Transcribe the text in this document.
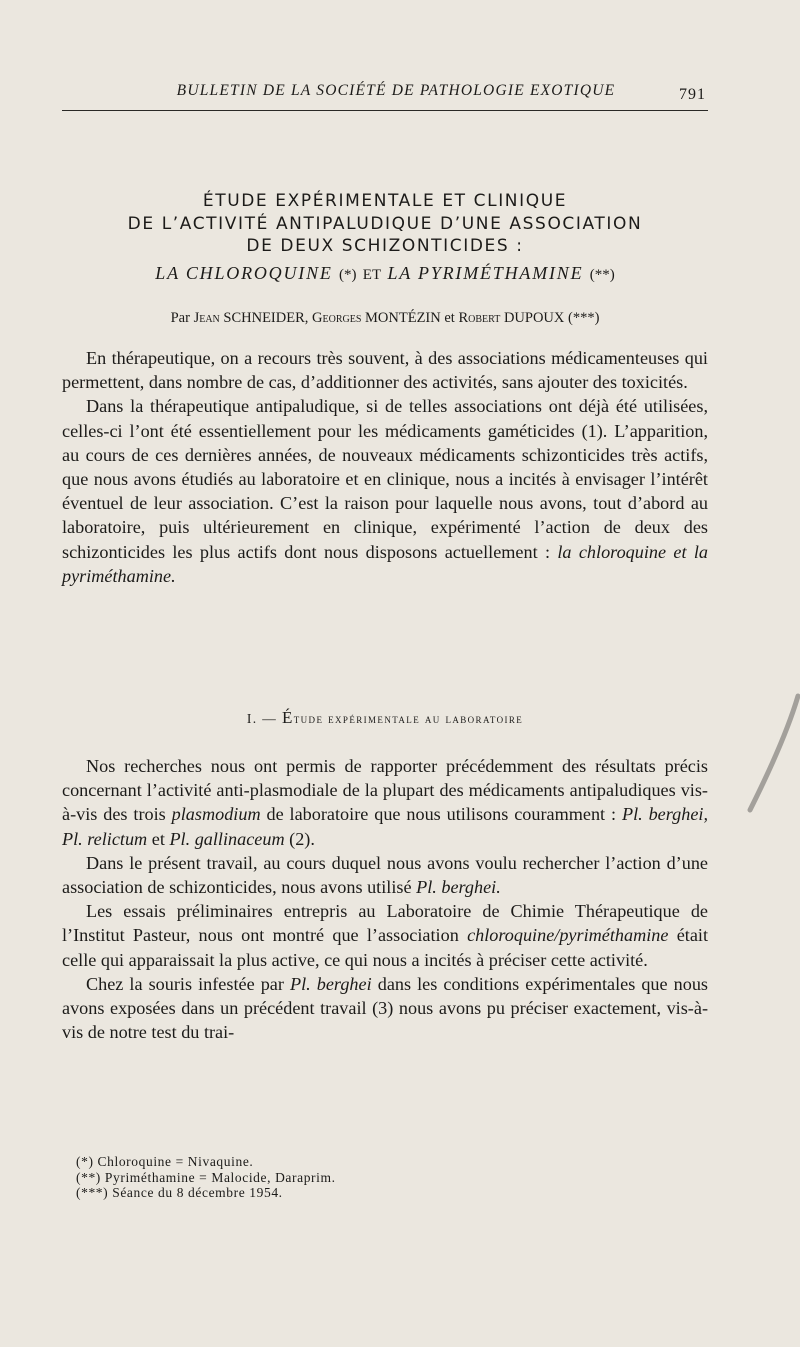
BULLETIN DE LA SOCIÉTÉ DE PATHOLOGIE EXOTIQUE	791
ÉTUDE EXPÉRIMENTALE ET CLINIQUE
DE L’ACTIVITÉ ANTIPALUDIQUE D’UNE ASSOCIATION
DE DEUX SCHIZONTICIDES :
LA CHLOROQUINE (*) ET LA PYRIMÉTHAMINE (**)
Par Jean SCHNEIDER, Georges MONTÉZIN et Robert DUPOUX (***)

En thérapeutique, on a recours très souvent, à des associations médicamenteuses qui permettent, dans nombre de cas, d’additionner des activités, sans ajouter des toxicités.

Dans la thérapeutique antipaludique, si de telles associations ont déjà été utilisées, celles-ci l’ont été essentiellement pour les médicaments gaméticides (1). L’apparition, au cours de ces dernières années, de nouveaux médicaments schizonticides très actifs, que nous avons étudiés au laboratoire et en clinique, nous a incités à envisager l’intérêt éventuel de leur association. C’est la raison pour laquelle nous avons, tout d’abord au laboratoire, puis ultérieurement en clinique, expérimenté l’action de deux des schizonticides les plus actifs dont nous disposons actuellement : la chloroquine et la pyriméthamine.

I. — Étude expérimentale au laboratoire

Nos recherches nous ont permis de rapporter précédemment des résultats précis concernant l’activité anti-plasmodiale de la plupart des médicaments antipaludiques vis-à-vis des trois plasmodium de laboratoire que nous utilisons couramment : Pl. berghei, Pl. relictum et Pl. gallinaceum (2).

Dans le présent travail, au cours duquel nous avons voulu rechercher l’action d’une association de schizonticides, nous avons utilisé Pl. berghei.

Les essais préliminaires entrepris au Laboratoire de Chimie Thérapeutique de l’Institut Pasteur, nous ont montré que l’association chloroquine/pyriméthamine était celle qui apparaissait la plus active, ce qui nous a incités à préciser cette activité.

Chez la souris infestée par Pl. berghei dans les conditions expérimentales que nous avons exposées dans un précédent travail (3) nous avons pu préciser exactement, vis-à-vis de notre test du trai-

(*) Chloroquine = Nivaquine.
(**) Pyriméthamine = Malocide, Daraprim.
(***) Séance du 8 décembre 1954.
